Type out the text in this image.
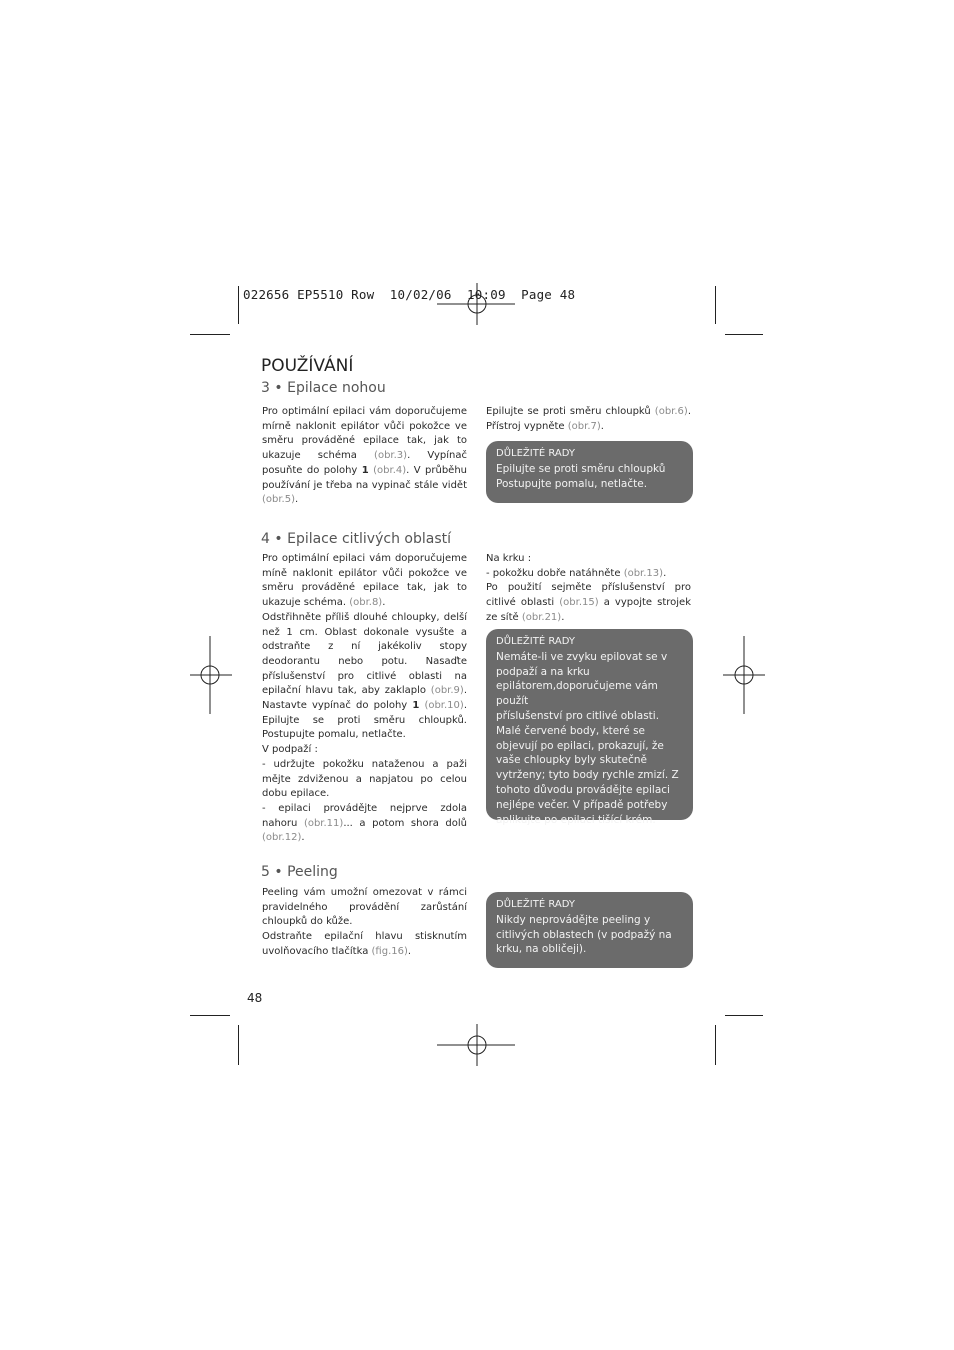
022656 EP5510 Row  10/02/06  10:09  Page 48
POUŽÍVÁNÍ
3 • Epilace nohou
Pro optimální epilaci vám doporučujeme mírně naklonit epilátor vůči pokožce ve směru prováděné epilace tak, jak to ukazuje schéma (obr.3). Vypínač posuňte do polohy 1 (obr.4). V průběhu používání je třeba na vypinač stále vidět (obr.5).
Epilujte se proti směru chloupků (obr.6). Přístroj vypněte (obr.7).
DŮLEŽITÉ RADY
Epilujte se proti směru chloupků
Postupujte pomalu, netlačte.
4 • Epilace citlivých oblastí
Pro optimální epilaci vám doporučujeme míně naklonit epilátor vůči pokožce ve směru prováděné epilace tak, jak to ukazuje schéma. (obr.8).
Odstřihněte příliš dlouhé chloupky, delší než 1 cm. Oblast dokonale vysušte a odstraňte z ní jakékoliv stopy deodorantu nebo potu. Nasaďte příslušenství pro citlivé oblasti na epilační hlavu tak, aby zaklaplo (obr.9). Nastavte vypínač do polohy 1 (obr.10). Epilujte se proti směru chloupků. Postupujte pomalu, netlačte.
V podpaží :
- udržujte pokožku nataženou a paži mějte zdviženou a napjatou po celou dobu epilace.
- epilaci provádějte nejprve zdola nahoru (obr.11)... a potom shora dolů (obr.12).
Na krku :
- pokožku dobře natáhněte (obr.13).
Po použití sejměte příslušenství pro citlivé oblasti (obr.15) a vypojte strojek ze sítě (obr.21).
DŮLEŽITÉ RADY
Nemáte-li ve zvyku epilovat se v
podpaží a na krku
epilátorem,doporučujeme vám použít
příslušenství pro citlivé oblasti.
Malé červené body, které se
objevují po epilaci, prokazují, že
vaše chloupky byly skutečně
vytrženy; tyto body rychle zmizí. Z
tohoto důvodu provádějte epilaci
nejlépe večer. V případě potřeby
aplikujte po epilaci tišící krém.
5 • Peeling
Peeling vám umožní omezovat v rámci pravidelného provádění zarůstání chloupků do kůže.
Odstraňte epilační hlavu stisknutím uvolňovacího tlačítka (fig.16).
DŮLEŽITÉ RADY
Nikdy neprovádějte peeling y
citlivých oblastech (v podpažý na
krku, na obličeji).
48
